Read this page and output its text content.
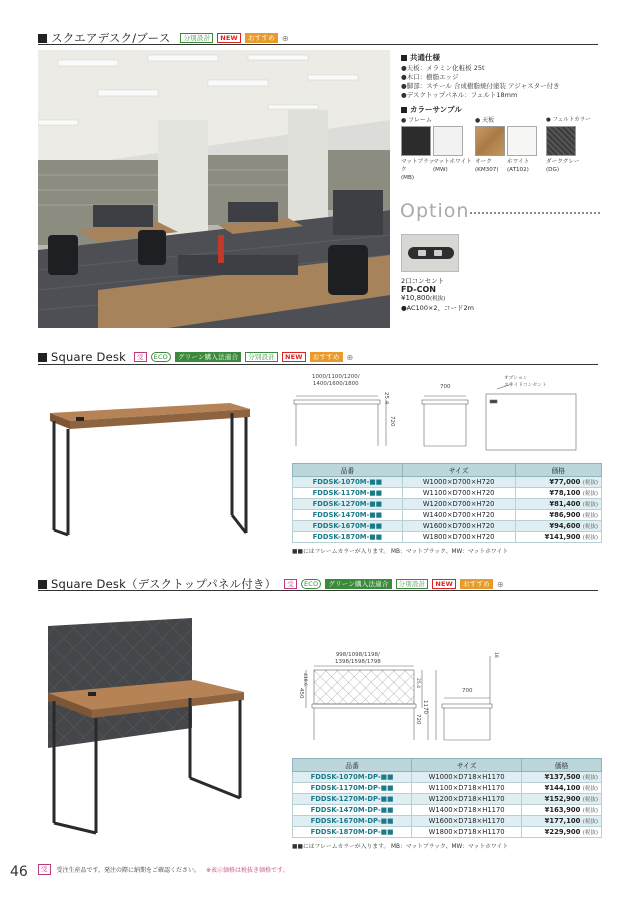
スクエアデスク/ブース	分別設計	NEW	おすすめ ⊕
共通仕様
●天板：メラミン化粧板 25t
●木口：樹脂エッジ
●脚部：スチール 合成樹脂焼付塗装 アジャスター付き
●デスクトップパネル：フェルト18mm
カラーサンプル
● フレーム	● 天板	● フェルトカラー
マットブラック
(MB)
マットホワイト
(MW)
オーク
(KM307)
ホワイト
(AT102)
ダークグレー
(DG)
Option
2口コンセント
FD-CON
¥10,800(税抜)
●AC100×2、コード2m
Square Desk	受	ECO	グリーン購入法適合	分別設計	NEW	おすすめ ⊕
1000/1100/1200/
1400/1600/1800
25.4
720
700
オプション
スライドコンセント
品番	サイズ	価格
FDDSK-1070M-■■	W1000×D700×H720	¥77,000 (税抜)
FDDSK-1170M-■■	W1100×D700×H720	¥78,100 (税抜)
FDDSK-1270M-■■	W1200×D700×H720	¥81,400 (税抜)
FDDSK-1470M-■■	W1400×D700×H720	¥86,900 (税抜)
FDDSK-1670M-■■	W1600×D700×H720	¥94,600 (税抜)
FDDSK-1870M-■■	W1800×D700×H720	¥141,900 (税抜)
■■にはフレームカラーが入ります。 MB：マットブラック、MW：マットホワイト
Square Desk（デスクトップパネル付き）	受	ECO	グリーン購入法適合	分別設計	NEW	おすすめ ⊕
998/1098/1198/
1398/1598/1798
450
418.6	25.4
720
1170
700
18
品番	サイズ	価格
FDDSK-1070M-DP-■■	W1000×D718×H1170	¥137,500 (税抜)
FDDSK-1170M-DP-■■	W1100×D718×H1170	¥144,100 (税抜)
FDDSK-1270M-DP-■■	W1200×D718×H1170	¥152,900 (税抜)
FDDSK-1470M-DP-■■	W1400×D718×H1170	¥163,900 (税抜)
FDDSK-1670M-DP-■■	W1600×D718×H1170	¥177,100 (税抜)
FDDSK-1870M-DP-■■	W1800×D718×H1170	¥229,900 (税抜)
■■にはフレームカラーが入ります。 MB：マットブラック、MW：マットホワイト
46	受	受注生産品です。発注の際に納期をご確認ください。 ※表示価格は税抜き価格です。
